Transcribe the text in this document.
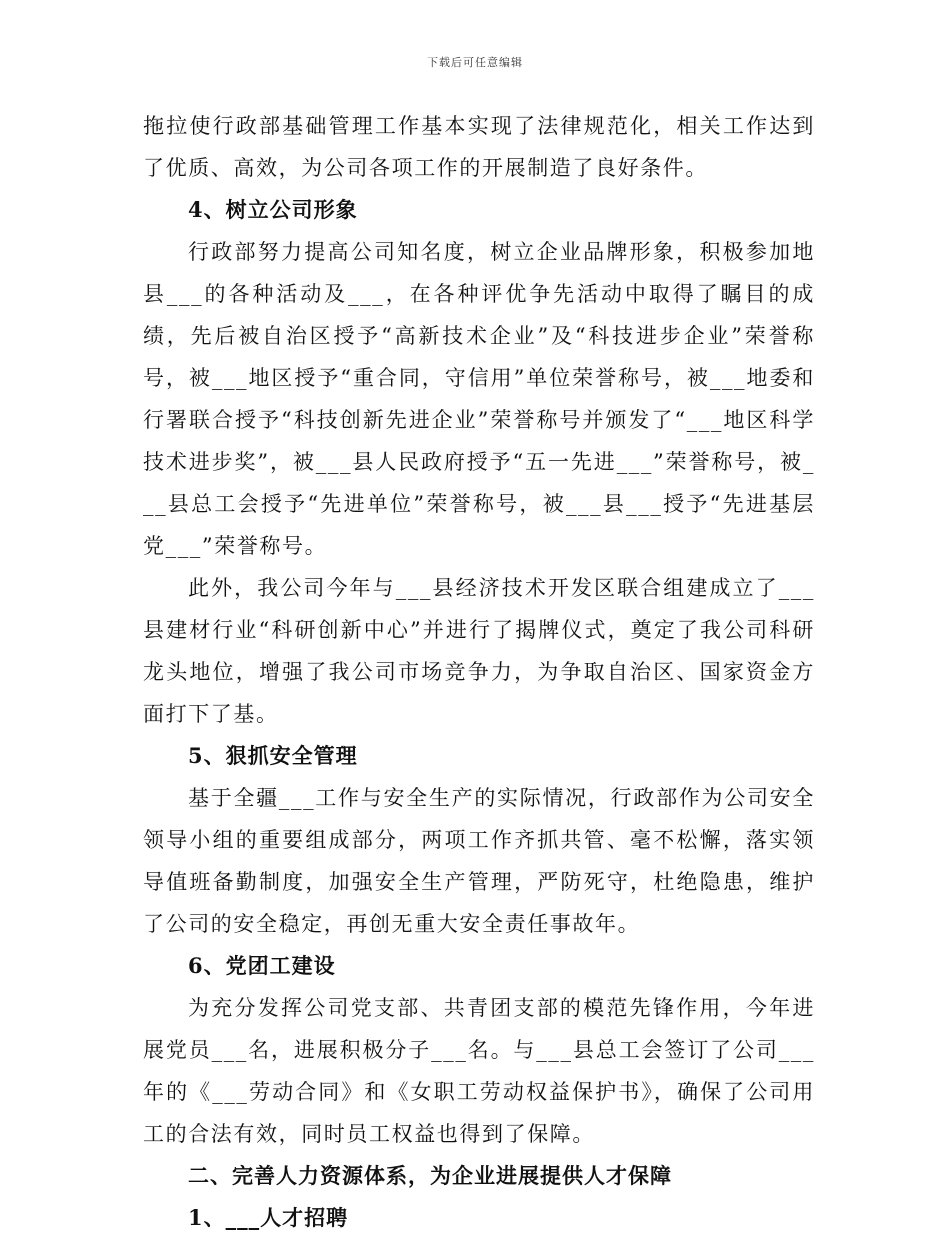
下载后可任意编辑

拖拉使行政部基础管理工作基本实现了法律规范化，相关工作达到了优质、高效，为公司各项工作的开展制造了良好条件。

4、树立公司形象

行政部努力提高公司知名度，树立企业品牌形象，积极参加地县___的各种活动及___，在各种评优争先活动中取得了瞩目的成绩，先后被自治区授予“高新技术企业”及“科技进步企业”荣誉称号，被___地区授予“重合同，守信用”单位荣誉称号，被___地委和行署联合授予“科技创新先进企业”荣誉称号并颁发了“___地区科学技术进步奖”，被___县人民政府授予“五一先进___”荣誉称号，被___县总工会授予“先进单位”荣誉称号，被___县___授予“先进基层党___”荣誉称号。

此外，我公司今年与___县经济技术开发区联合组建成立了___县建材行业“科研创新中心”并进行了揭牌仪式，奠定了我公司科研龙头地位，增强了我公司市场竞争力，为争取自治区、国家资金方面打下了基。

5、狠抓安全管理

基于全疆___工作与安全生产的实际情况，行政部作为公司安全领导小组的重要组成部分，两项工作齐抓共管、毫不松懈，落实领导值班备勤制度，加强安全生产管理，严防死守，杜绝隐患，维护了公司的安全稳定，再创无重大安全责任事故年。

6、党团工建设

为充分发挥公司党支部、共青团支部的模范先锋作用，今年进展党员___名，进展积极分子___名。与___县总工会签订了公司___年的《___劳动合同》和《女职工劳动权益保护书》，确保了公司用工的合法有效，同时员工权益也得到了保障。

二、完善人力资源体系，为企业进展提供人才保障

1、___人才招聘
